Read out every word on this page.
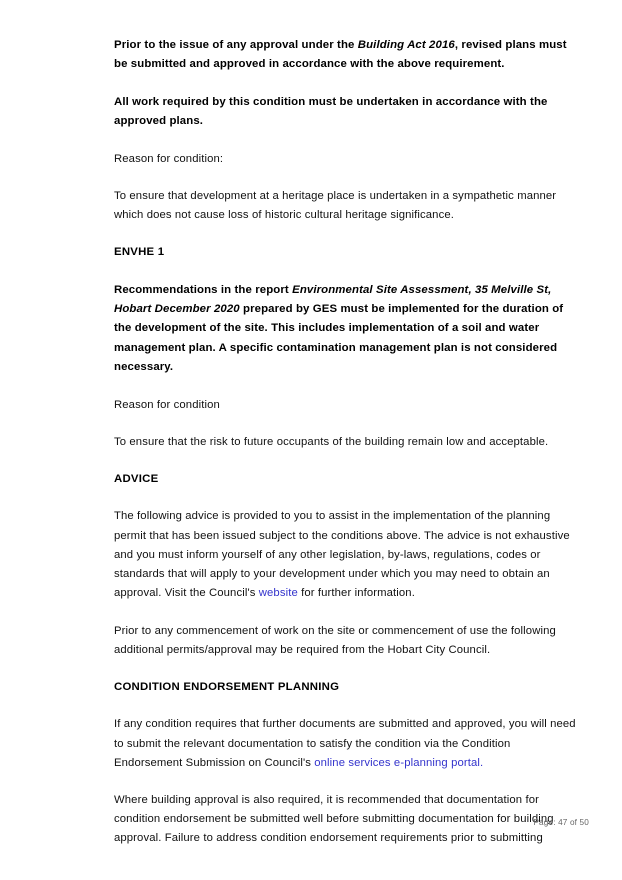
Prior to the issue of any approval under the Building Act 2016, revised plans must be submitted and approved in accordance with the above requirement.

All work required by this condition must be undertaken in accordance with the approved plans.

Reason for condition:

To ensure that development at a heritage place is undertaken in a sympathetic manner which does not cause loss of historic cultural heritage significance.

ENVHE 1

Recommendations in the report Environmental Site Assessment, 35 Melville St, Hobart December 2020 prepared by GES must be implemented for the duration of the development of the site. This includes implementation of a soil and water management plan. A specific contamination management plan is not considered necessary.

Reason for condition

To ensure that the risk to future occupants of the building remain low and acceptable.

ADVICE

The following advice is provided to you to assist in the implementation of the planning permit that has been issued subject to the conditions above. The advice is not exhaustive and you must inform yourself of any other legislation, by-laws, regulations, codes or standards that will apply to your development under which you may need to obtain an approval. Visit the Council's website for further information.

Prior to any commencement of work on the site or commencement of use the following additional permits/approval may be required from the Hobart City Council.

CONDITION ENDORSEMENT PLANNING

If any condition requires that further documents are submitted and approved, you will need to submit the relevant documentation to satisfy the condition via the Condition Endorsement Submission on Council's online services e-planning portal.

Where building approval is also required, it is recommended that documentation for condition endorsement be submitted well before submitting documentation for building approval. Failure to address condition endorsement requirements prior to submitting

Page: 47 of 50
